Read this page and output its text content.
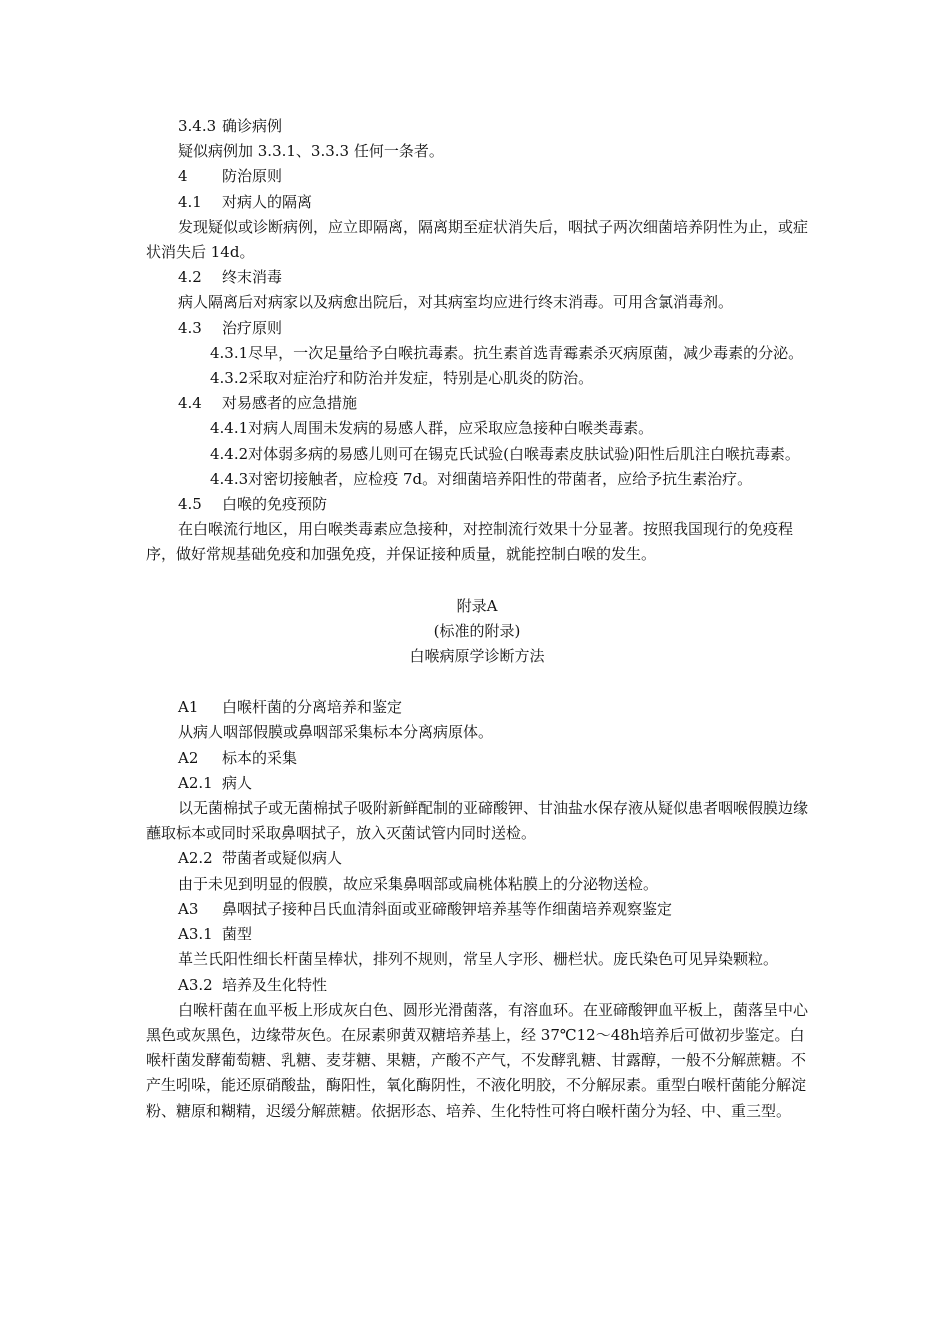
3.4.3 确诊病例

疑似病例加 3.3.1、3.3.3 任何一条者。

4 防治原则

4.1 对病人的隔离

发现疑似或诊断病例，应立即隔离，隔离期至症状消失后，咽拭子两次细菌培养阴性为止，或症状消失后 14d。

4.2 终末消毒

病人隔离后对病家以及病愈出院后，对其病室均应进行终末消毒。可用含氯消毒剂。

4.3 治疗原则

4.3.1尽早，一次足量给予白喉抗毒素。抗生素首选青霉素杀灭病原菌，减少毒素的分泌。

4.3.2采取对症治疗和防治并发症，特别是心肌炎的防治。

4.4 对易感者的应急措施

4.4.1对病人周围未发病的易感人群，应采取应急接种白喉类毒素。

4.4.2对体弱多病的易感儿则可在锡克氏试验(白喉毒素皮肤试验)阳性后肌注白喉抗毒素。

4.4.3对密切接触者，应检疫 7d。对细菌培养阳性的带菌者，应给予抗生素治疗。

4.5 白喉的免疫预防

在白喉流行地区，用白喉类毒素应急接种，对控制流行效果十分显著。按照我国现行的免疫程序，做好常规基础免疫和加强免疫，并保证接种质量，就能控制白喉的发生。

附录A

(标准的附录)

白喉病原学诊断方法

A1 白喉杆菌的分离培养和鉴定

从病人咽部假膜或鼻咽部采集标本分离病原体。

A2 标本的采集

A2.1 病人

以无菌棉拭子或无菌棉拭子吸附新鲜配制的亚碲酸钾、甘油盐水保存液从疑似患者咽喉假膜边缘蘸取标本或同时采取鼻咽拭子，放入灭菌试管内同时送检。

A2.2 带菌者或疑似病人

由于未见到明显的假膜，故应采集鼻咽部或扁桃体粘膜上的分泌物送检。

A3 鼻咽拭子接种吕氏血清斜面或亚碲酸钾培养基等作细菌培养观察鉴定

A3.1 菌型

革兰氏阳性细长杆菌呈棒状，排列不规则，常呈人字形、栅栏状。庞氏染色可见异染颗粒。

A3.2 培养及生化特性

白喉杆菌在血平板上形成灰白色、圆形光滑菌落，有溶血环。在亚碲酸钾血平板上，菌落呈中心黑色或灰黑色，边缘带灰色。在尿素卵黄双糖培养基上，经 37℃12～48h培养后可做初步鉴定。白喉杆菌发酵葡萄糖、乳糖、麦芽糖、果糖，产酸不产气，不发酵乳糖、甘露醇，一般不分解蔗糖。不产生吲哚，能还原硝酸盐，酶阳性，氧化酶阴性，不液化明胶，不分解尿素。重型白喉杆菌能分解淀粉、糖原和糊精，迟缓分解蔗糖。依据形态、培养、生化特性可将白喉杆菌分为轻、中、重三型。
